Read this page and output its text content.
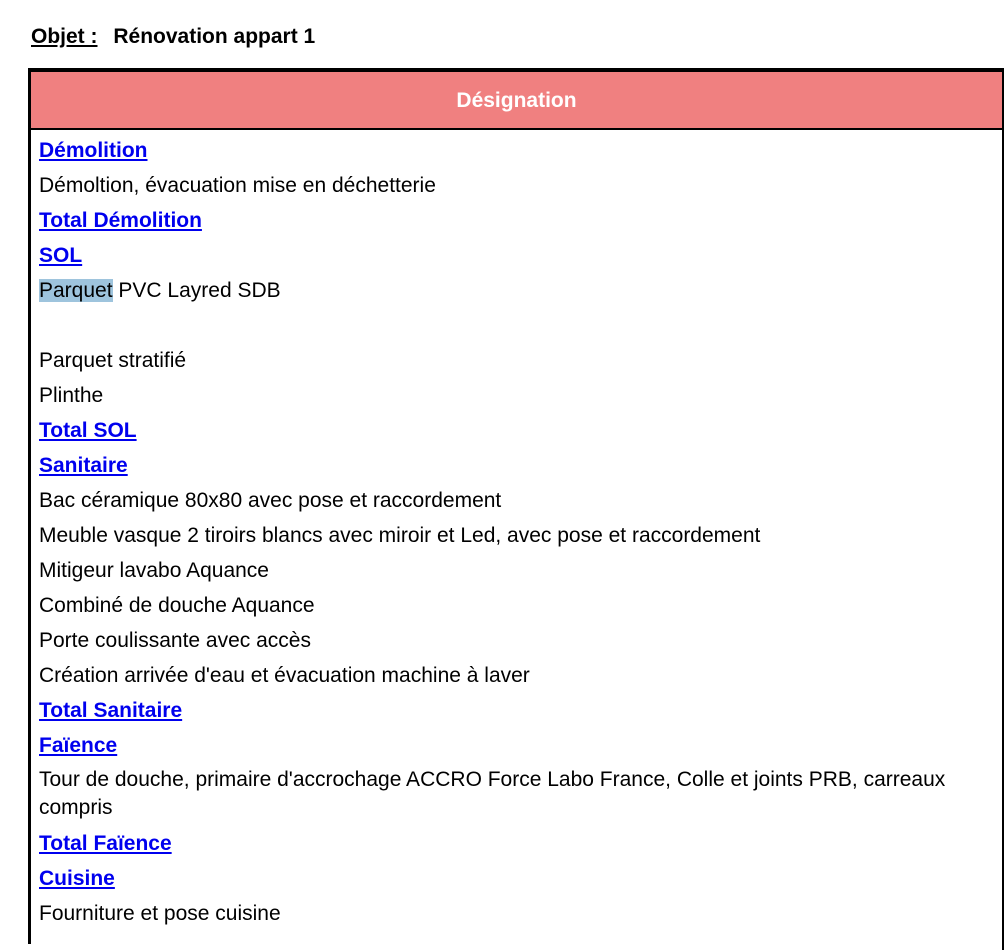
Objet : Rénovation appart 1
Désignation
Démolition
Démoltion, évacuation mise en déchetterie
Total Démolition
SOL
Parquet PVC Layred SDB
Parquet stratifié
Plinthe
Total SOL
Sanitaire
Bac céramique 80x80 avec pose et raccordement
Meuble vasque 2 tiroirs blancs avec miroir et Led, avec pose et raccordement
Mitigeur lavabo Aquance
Combiné de douche Aquance
Porte coulissante avec accès
Création arrivée d'eau et évacuation machine à laver
Total Sanitaire
Faïence
Tour de douche, primaire d'accrochage ACCRO Force Labo France, Colle et joints PRB, carreaux compris
Total Faïence
Cuisine
Fourniture et pose cuisine
